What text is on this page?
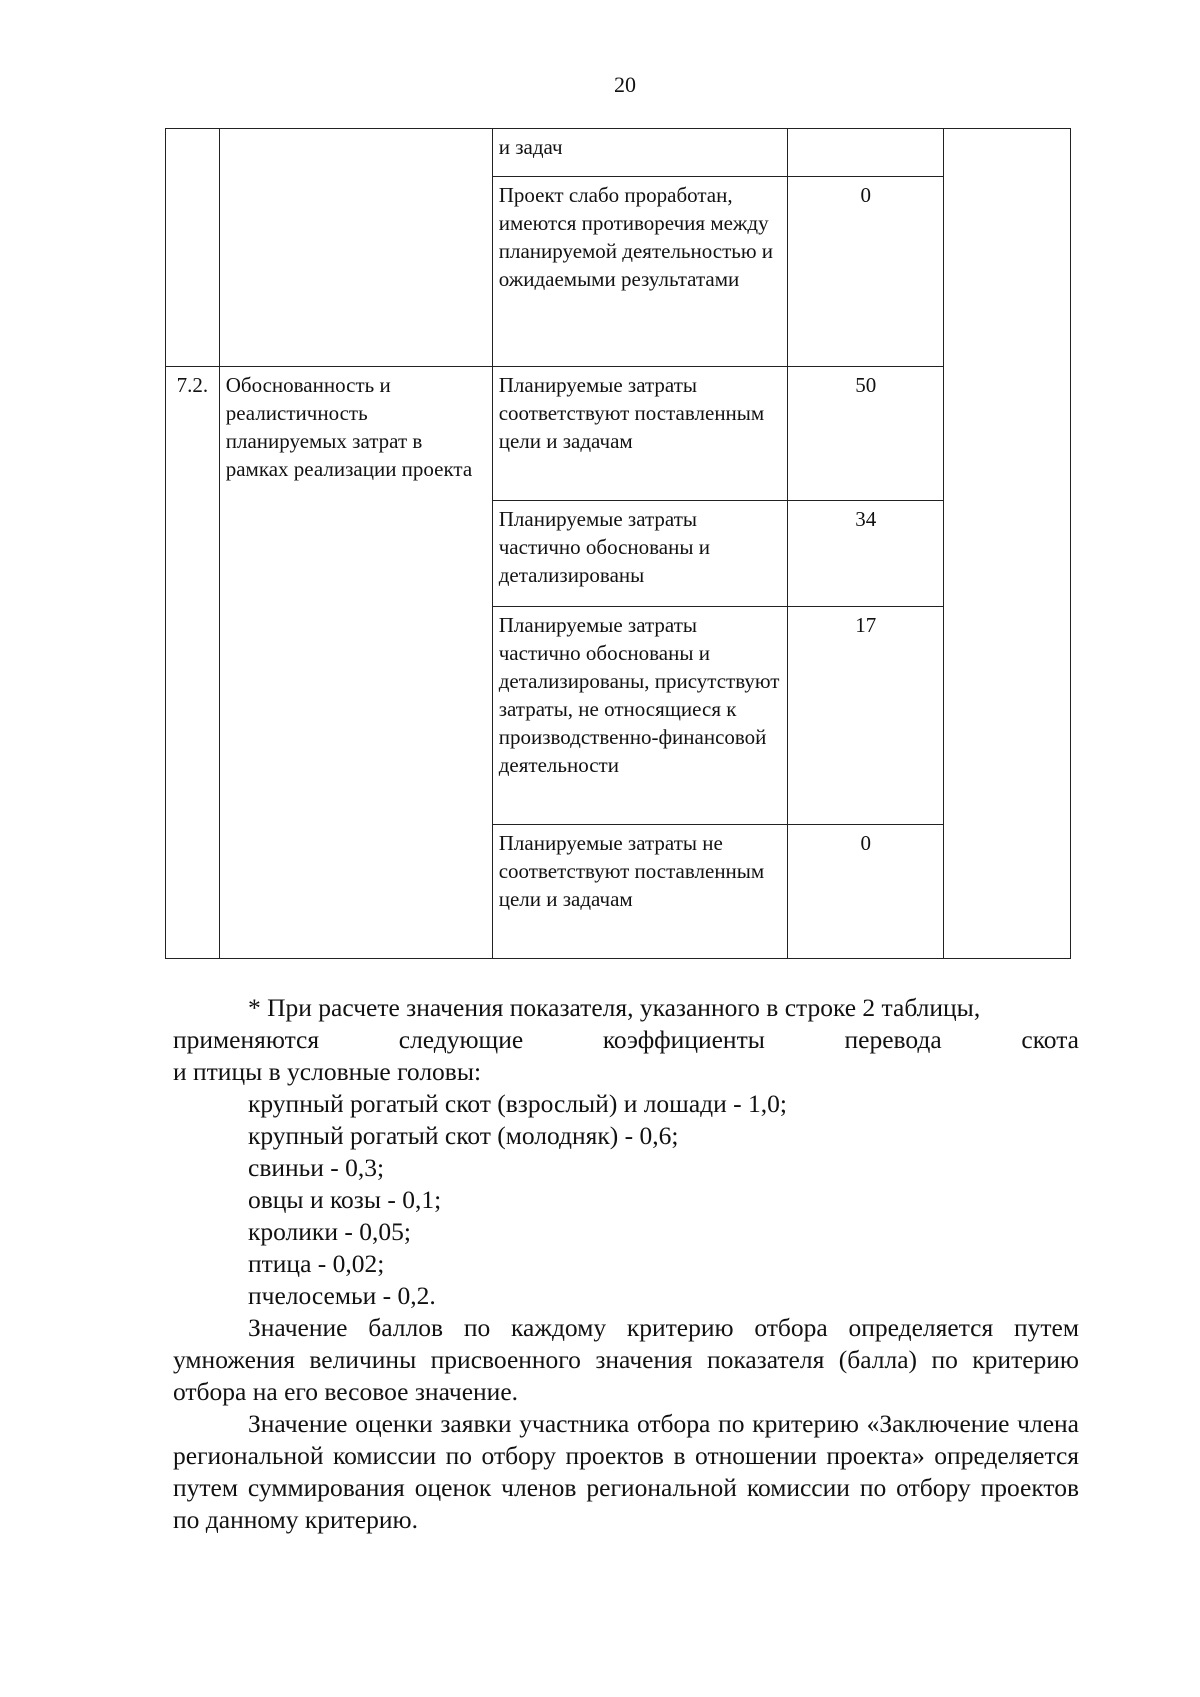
20
		и задач		
		Проект слабо проработан, имеются противоречия между планируемой деятельностью и ожидаемыми результатами	0	
7.2.	Обоснованность и реалистичность планируемых затрат в рамках реализации проекта	Планируемые затраты соответствуют поставленным цели и задачам	50	
		Планируемые затраты частично обоснованы и детализированы	34	
		Планируемые затраты частично обоснованы и детализированы, присутствуют затраты, не относящиеся к производственно-финансовой деятельности	17	
		Планируемые затраты не соответствуют поставленным цели и задачам	0	

* При расчете значения показателя, указанного в строке 2 таблицы,

применяются следующие коэффициенты перевода скота

и птицы в условные головы:

крупный рогатый скот (взрослый) и лошади - 1,0;

крупный рогатый скот (молодняк) - 0,6;

свиньи - 0,3;

овцы и козы - 0,1;

кролики - 0,05;

птица - 0,02;

пчелосемьи - 0,2.

Значение баллов по каждому критерию отбора определяется путем умножения величины присвоенного значения показателя (балла) по критерию отбора на его весовое значение.

Значение оценки заявки участника отбора по критерию «Заключение члена региональной комиссии по отбору проектов в отношении проекта» определяется путем суммирования оценок членов региональной комиссии по отбору проектов по данному критерию.
